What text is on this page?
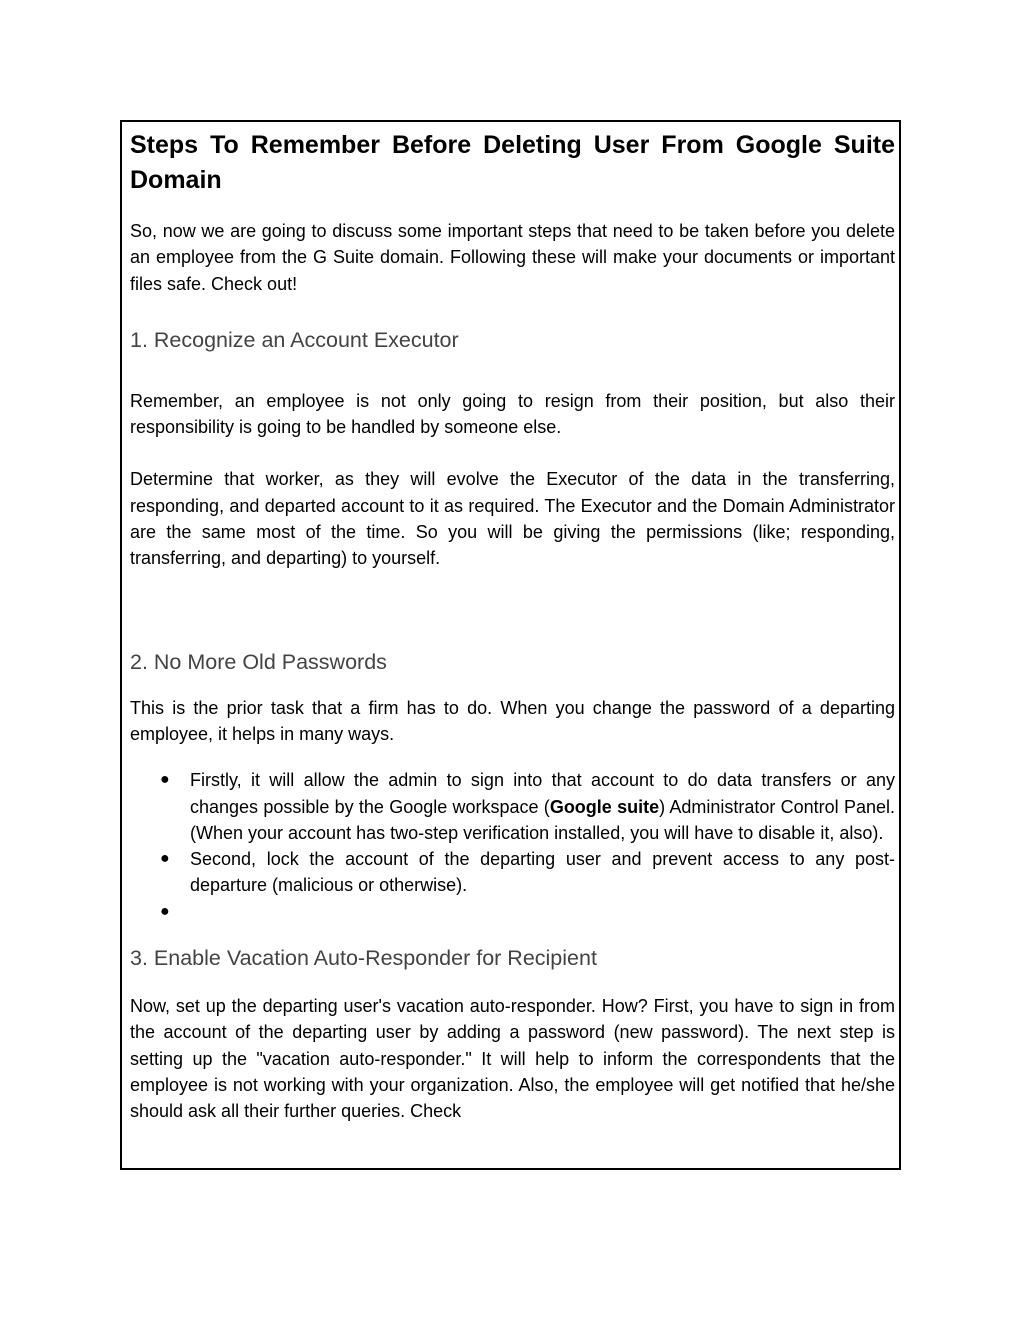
Steps To Remember Before Deleting User From Google Suite Domain

So, now we are going to discuss some important steps that need to be taken before you delete an employee from the G Suite domain. Following these will make your documents or important files safe. Check out!

1. Recognize an Account Executor

Remember, an employee is not only going to resign from their position, but also their responsibility is going to be handled by someone else.

Determine that worker, as they will evolve the Executor of the data in the transferring, responding, and departed account to it as required. The Executor and the Domain Administrator are the same most of the time. So you will be giving the permissions (like; responding, transferring, and departing) to yourself.

2. No More Old Passwords

This is the prior task that a firm has to do. When you change the password of a departing employee, it helps in many ways.

● Firstly, it will allow the admin to sign into that account to do data transfers or any changes possible by the Google workspace (Google suite) Administrator Control Panel. (When your account has two-step verification installed, you will have to disable it, also).
● Second, lock the account of the departing user and prevent access to any post-departure (malicious or otherwise).
●
3. Enable Vacation Auto-Responder for Recipient

Now, set up the departing user's vacation auto-responder. How? First, you have to sign in from the account of the departing user by adding a password (new password). The next step is setting up the "vacation auto-responder." It will help to inform the correspondents that the employee is not working with your organization. Also, the employee will get notified that he/she should ask all their further queries. Check
